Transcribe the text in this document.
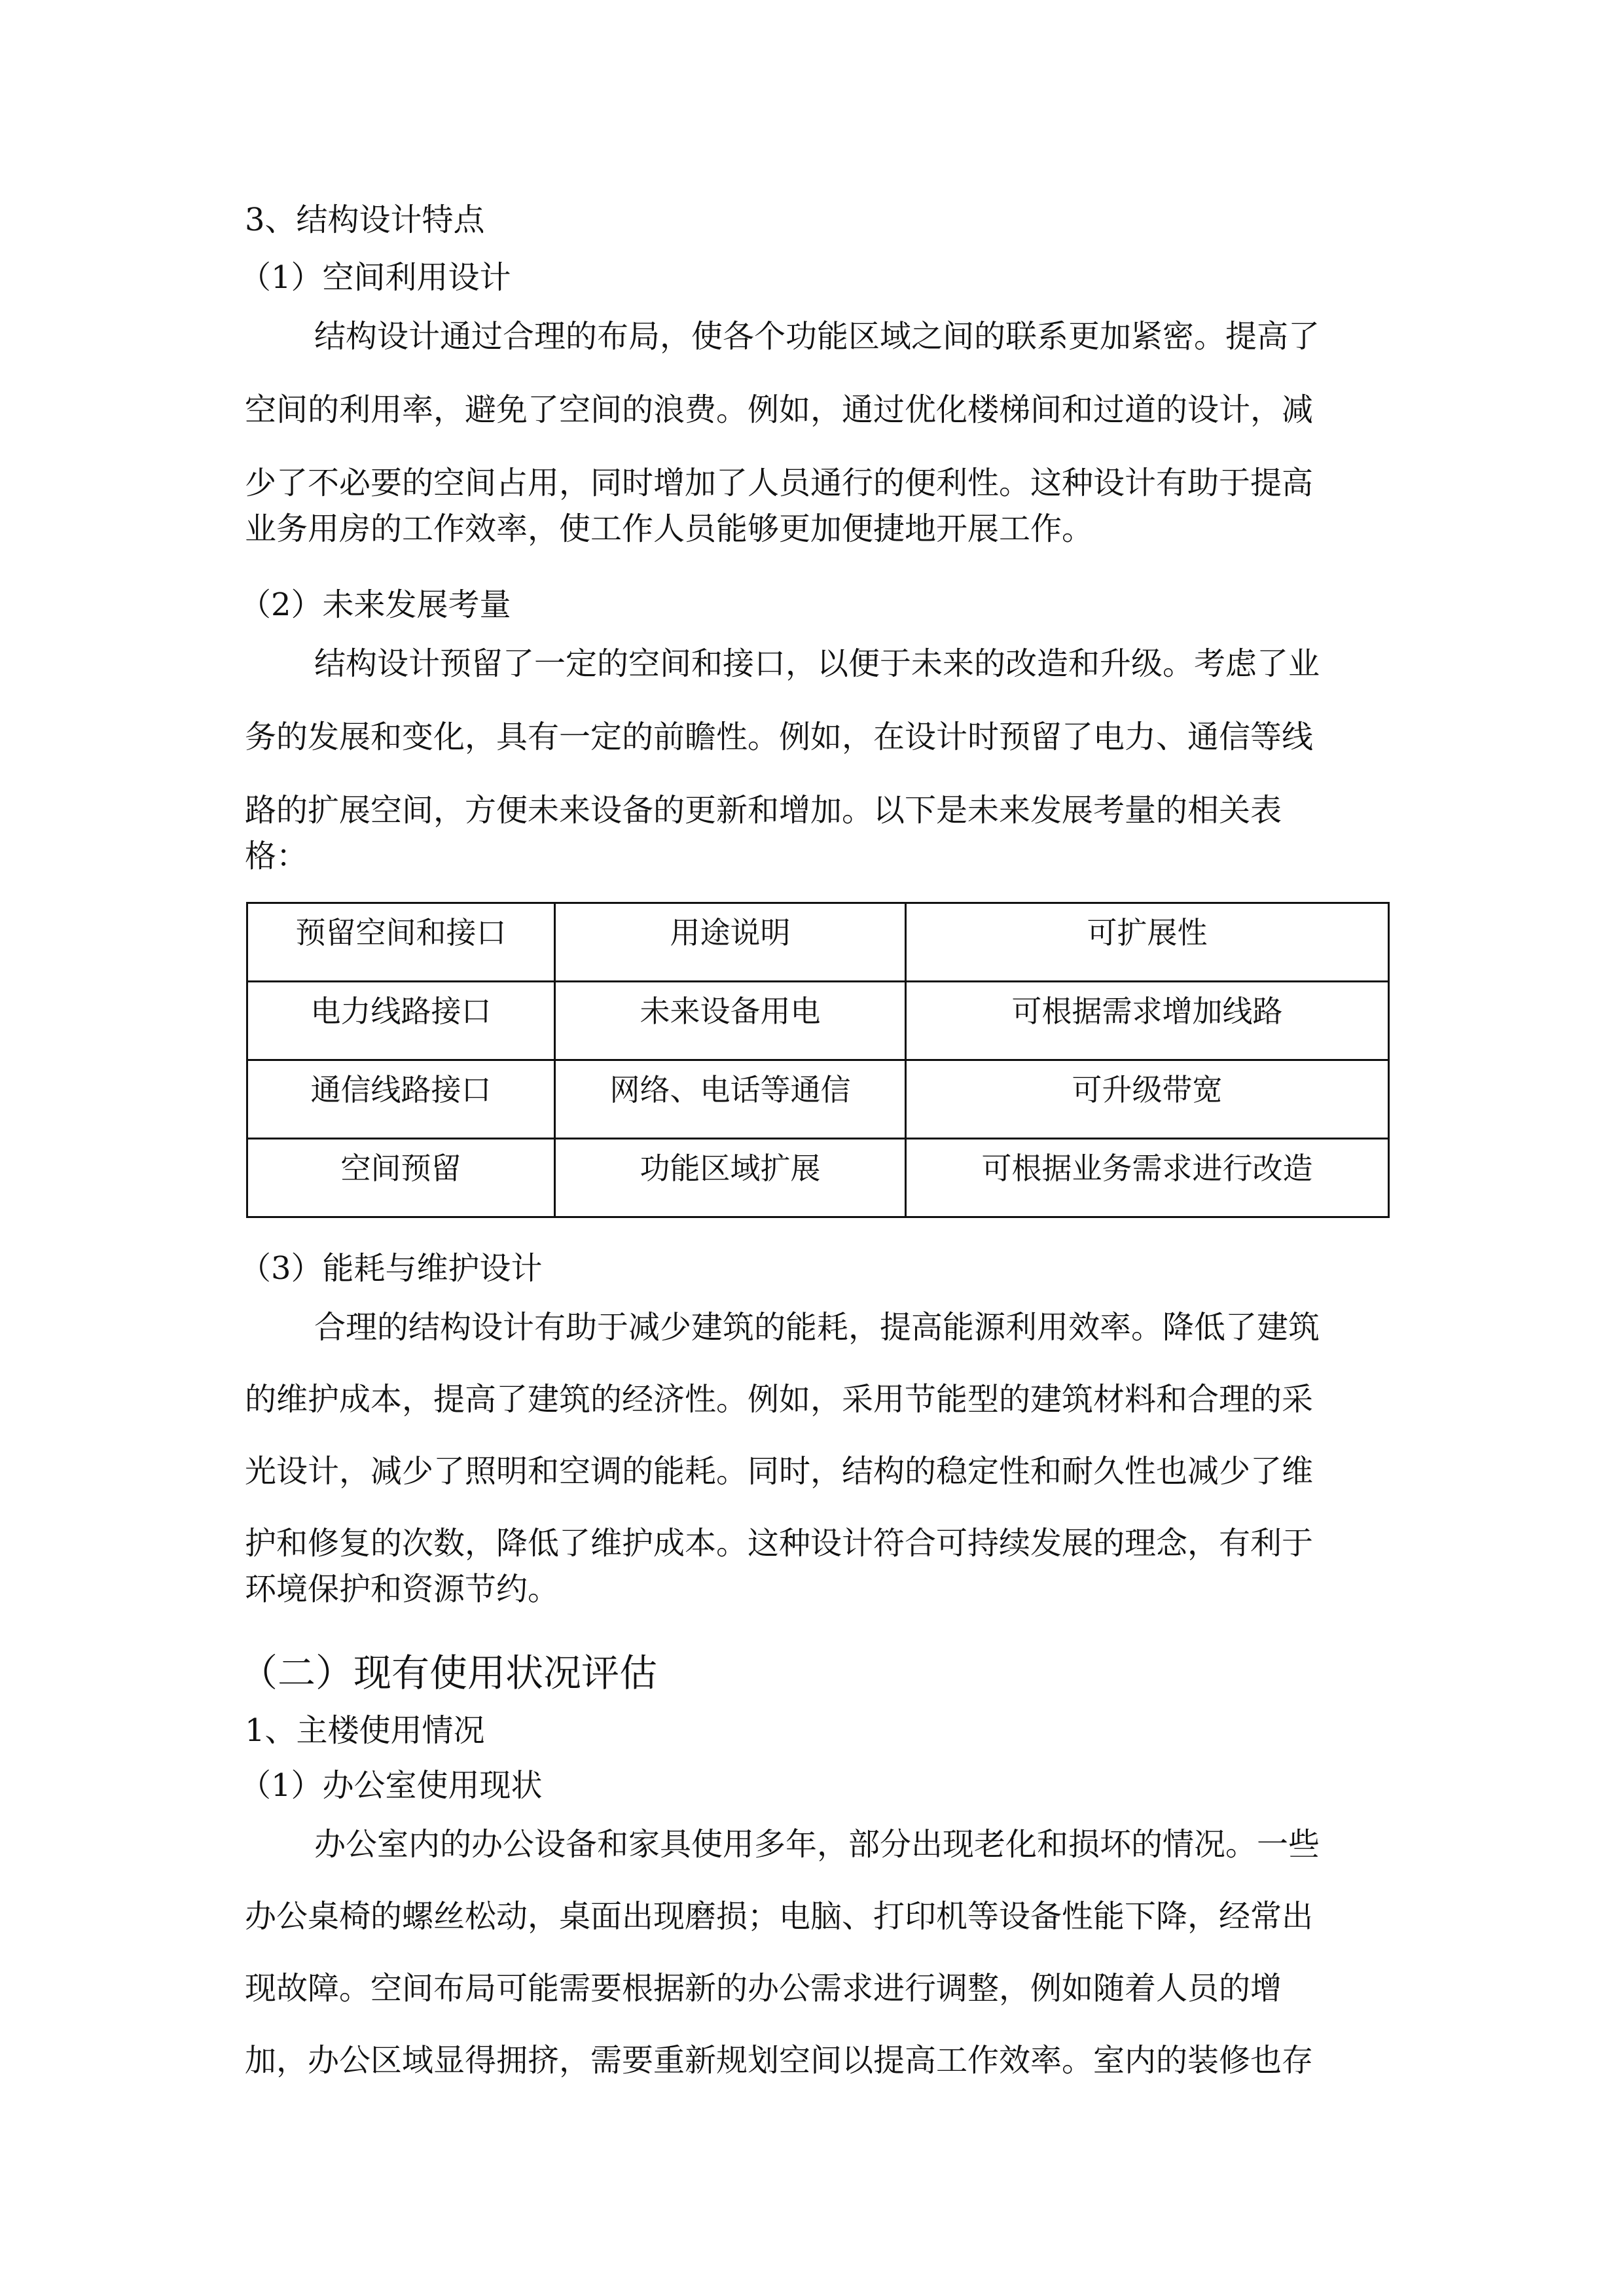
3、结构设计特点
（1）空间利用设计
结构设计通过合理的布局，使各个功能区域之间的联系更加紧密。提高了
空间的利用率，避免了空间的浪费。例如，通过优化楼梯间和过道的设计，减
少了不必要的空间占用，同时增加了人员通行的便利性。这种设计有助于提高
业务用房的工作效率，使工作人员能够更加便捷地开展工作。
（2）未来发展考量
结构设计预留了一定的空间和接口，以便于未来的改造和升级。考虑了业
务的发展和变化，具有一定的前瞻性。例如，在设计时预留了电力、通信等线
路的扩展空间，方便未来设备的更新和增加。以下是未来发展考量的相关表
格：
预留空间和接口	用途说明	可扩展性
电力线路接口	未来设备用电	可根据需求增加线路
通信线路接口	网络、电话等通信	可升级带宽
空间预留	功能区域扩展	可根据业务需求进行改造
（3）能耗与维护设计
合理的结构设计有助于减少建筑的能耗，提高能源利用效率。降低了建筑
的维护成本，提高了建筑的经济性。例如，采用节能型的建筑材料和合理的采
光设计，减少了照明和空调的能耗。同时，结构的稳定性和耐久性也减少了维
护和修复的次数，降低了维护成本。这种设计符合可持续发展的理念，有利于
环境保护和资源节约。
（二）现有使用状况评估
1、主楼使用情况
（1）办公室使用现状
办公室内的办公设备和家具使用多年，部分出现老化和损坏的情况。一些
办公桌椅的螺丝松动，桌面出现磨损；电脑、打印机等设备性能下降，经常出
现故障。空间布局可能需要根据新的办公需求进行调整，例如随着人员的增
加，办公区域显得拥挤，需要重新规划空间以提高工作效率。室内的装修也存
